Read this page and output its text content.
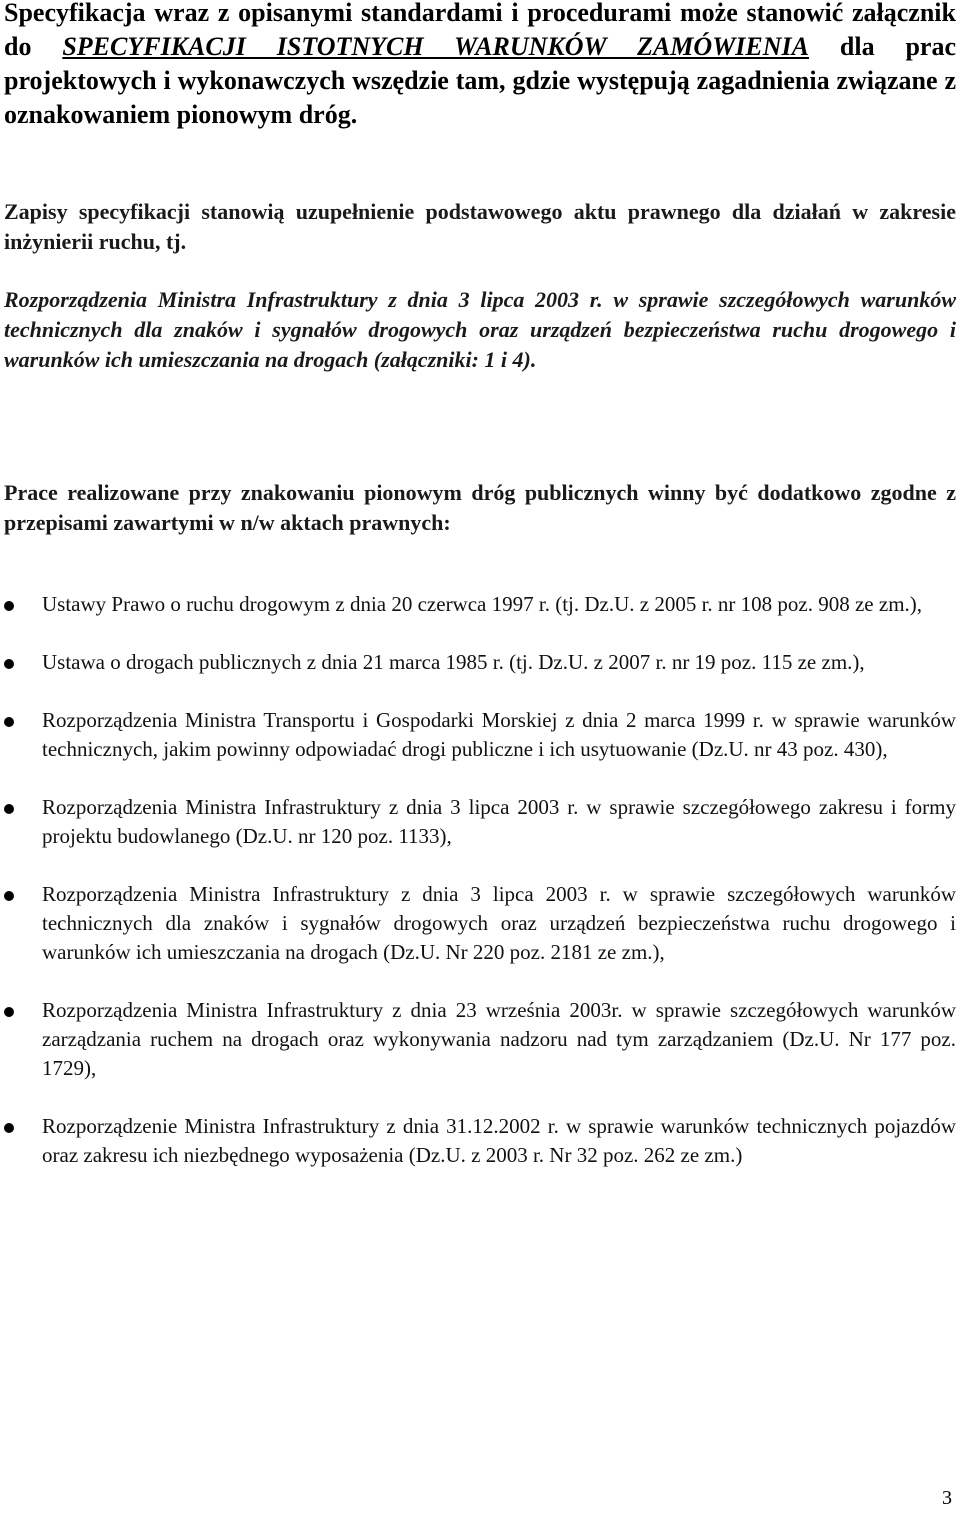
Specyfikacja wraz z opisanymi standardami i procedurami może stanowić załącznik do SPECYFIKACJI ISTOTNYCH WARUNKÓW ZAMÓWIENIA dla prac projektowych i wykonawczych wszędzie tam, gdzie występują zagadnienia związane z oznakowaniem pionowym dróg.

Zapisy specyfikacji stanowią uzupełnienie podstawowego aktu prawnego dla działań w zakresie inżynierii ruchu, tj.

Rozporządzenia Ministra Infrastruktury z dnia 3 lipca 2003 r. w sprawie szczegółowych warunków technicznych dla znaków i sygnałów drogowych oraz urządzeń bezpieczeństwa ruchu drogowego i warunków ich umieszczania na drogach (załączniki: 1 i 4).

Prace realizowane przy znakowaniu pionowym dróg publicznych winny być dodatkowo zgodne z przepisami zawartymi w n/w aktach prawnych:

Ustawy Prawo o ruchu drogowym z dnia 20 czerwca 1997 r. (tj. Dz.U. z 2005 r. nr 108 poz. 908 ze zm.),
Ustawa o drogach publicznych z dnia 21 marca 1985 r. (tj. Dz.U. z 2007 r. nr 19 poz. 115 ze zm.),
Rozporządzenia Ministra Transportu i Gospodarki Morskiej z dnia 2 marca 1999 r. w sprawie warunków technicznych, jakim powinny odpowiadać drogi publiczne i ich usytuowanie (Dz.U. nr 43 poz. 430),
Rozporządzenia Ministra Infrastruktury z dnia 3 lipca 2003 r. w sprawie szczegółowego zakresu i formy projektu budowlanego (Dz.U. nr 120 poz. 1133),
Rozporządzenia Ministra Infrastruktury z dnia 3 lipca 2003 r. w sprawie szczegółowych warunków technicznych dla znaków i sygnałów drogowych oraz urządzeń bezpieczeństwa ruchu drogowego i warunków ich umieszczania na drogach (Dz.U. Nr 220 poz. 2181 ze zm.),
Rozporządzenia Ministra Infrastruktury z dnia 23 września 2003r. w sprawie szczegółowych warunków zarządzania ruchem na drogach oraz wykonywania nadzoru nad tym zarządzaniem (Dz.U. Nr 177 poz. 1729),
Rozporządzenie Ministra Infrastruktury z dnia 31.12.2002 r. w sprawie warunków technicznych pojazdów oraz zakresu ich niezbędnego wyposażenia (Dz.U. z 2003 r. Nr 32 poz. 262 ze zm.)
3
